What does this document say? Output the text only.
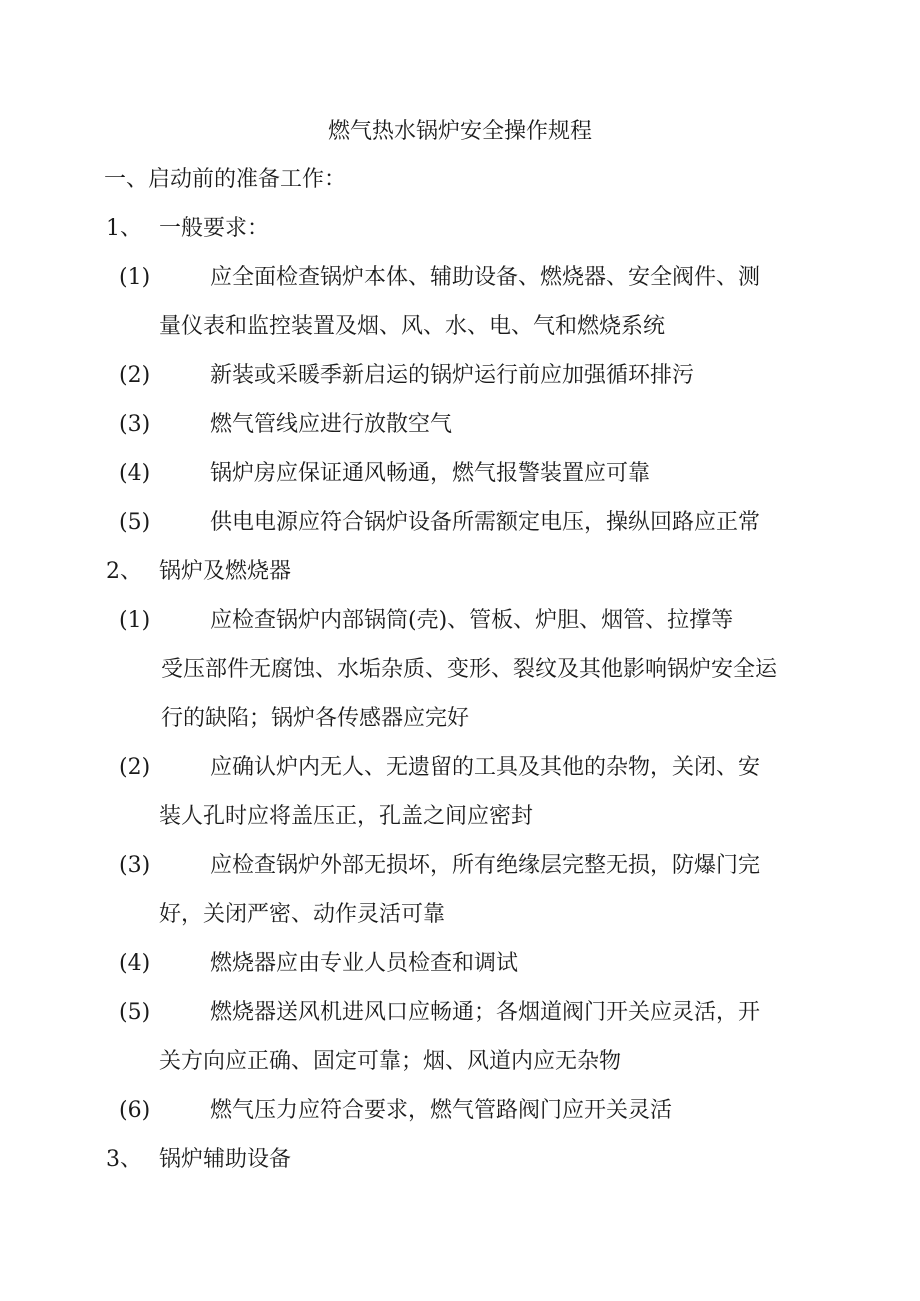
燃气热水锅炉安全操作规程
一、启动前的准备工作：
1、 一般要求：
(1)	应全面检查锅炉本体、辅助设备、燃烧器、安全阀件、测
量仪表和监控装置及烟、风、水、电、气和燃烧系统
(2)	新装或采暖季新启运的锅炉运行前应加强循环排污
(3)	燃气管线应进行放散空气
(4)	锅炉房应保证通风畅通，燃气报警装置应可靠
(5)	供电电源应符合锅炉设备所需额定电压，操纵回路应正常
2、 锅炉及燃烧器
(1)	应检查锅炉内部锅筒(壳)、管板、炉胆、烟管、拉撑等
受压部件无腐蚀、水垢杂质、变形、裂纹及其他影响锅炉安全运
行的缺陷；锅炉各传感器应完好
(2)	应确认炉内无人、无遗留的工具及其他的杂物，关闭、安
装人孔时应将盖压正，孔盖之间应密封
(3)	应检查锅炉外部无损坏，所有绝缘层完整无损，防爆门完
好，关闭严密、动作灵活可靠
(4)	燃烧器应由专业人员检查和调试
(5)	燃烧器送风机进风口应畅通；各烟道阀门开关应灵活，开
关方向应正确、固定可靠；烟、风道内应无杂物
(6)	燃气压力应符合要求，燃气管路阀门应开关灵活
3、 锅炉辅助设备
